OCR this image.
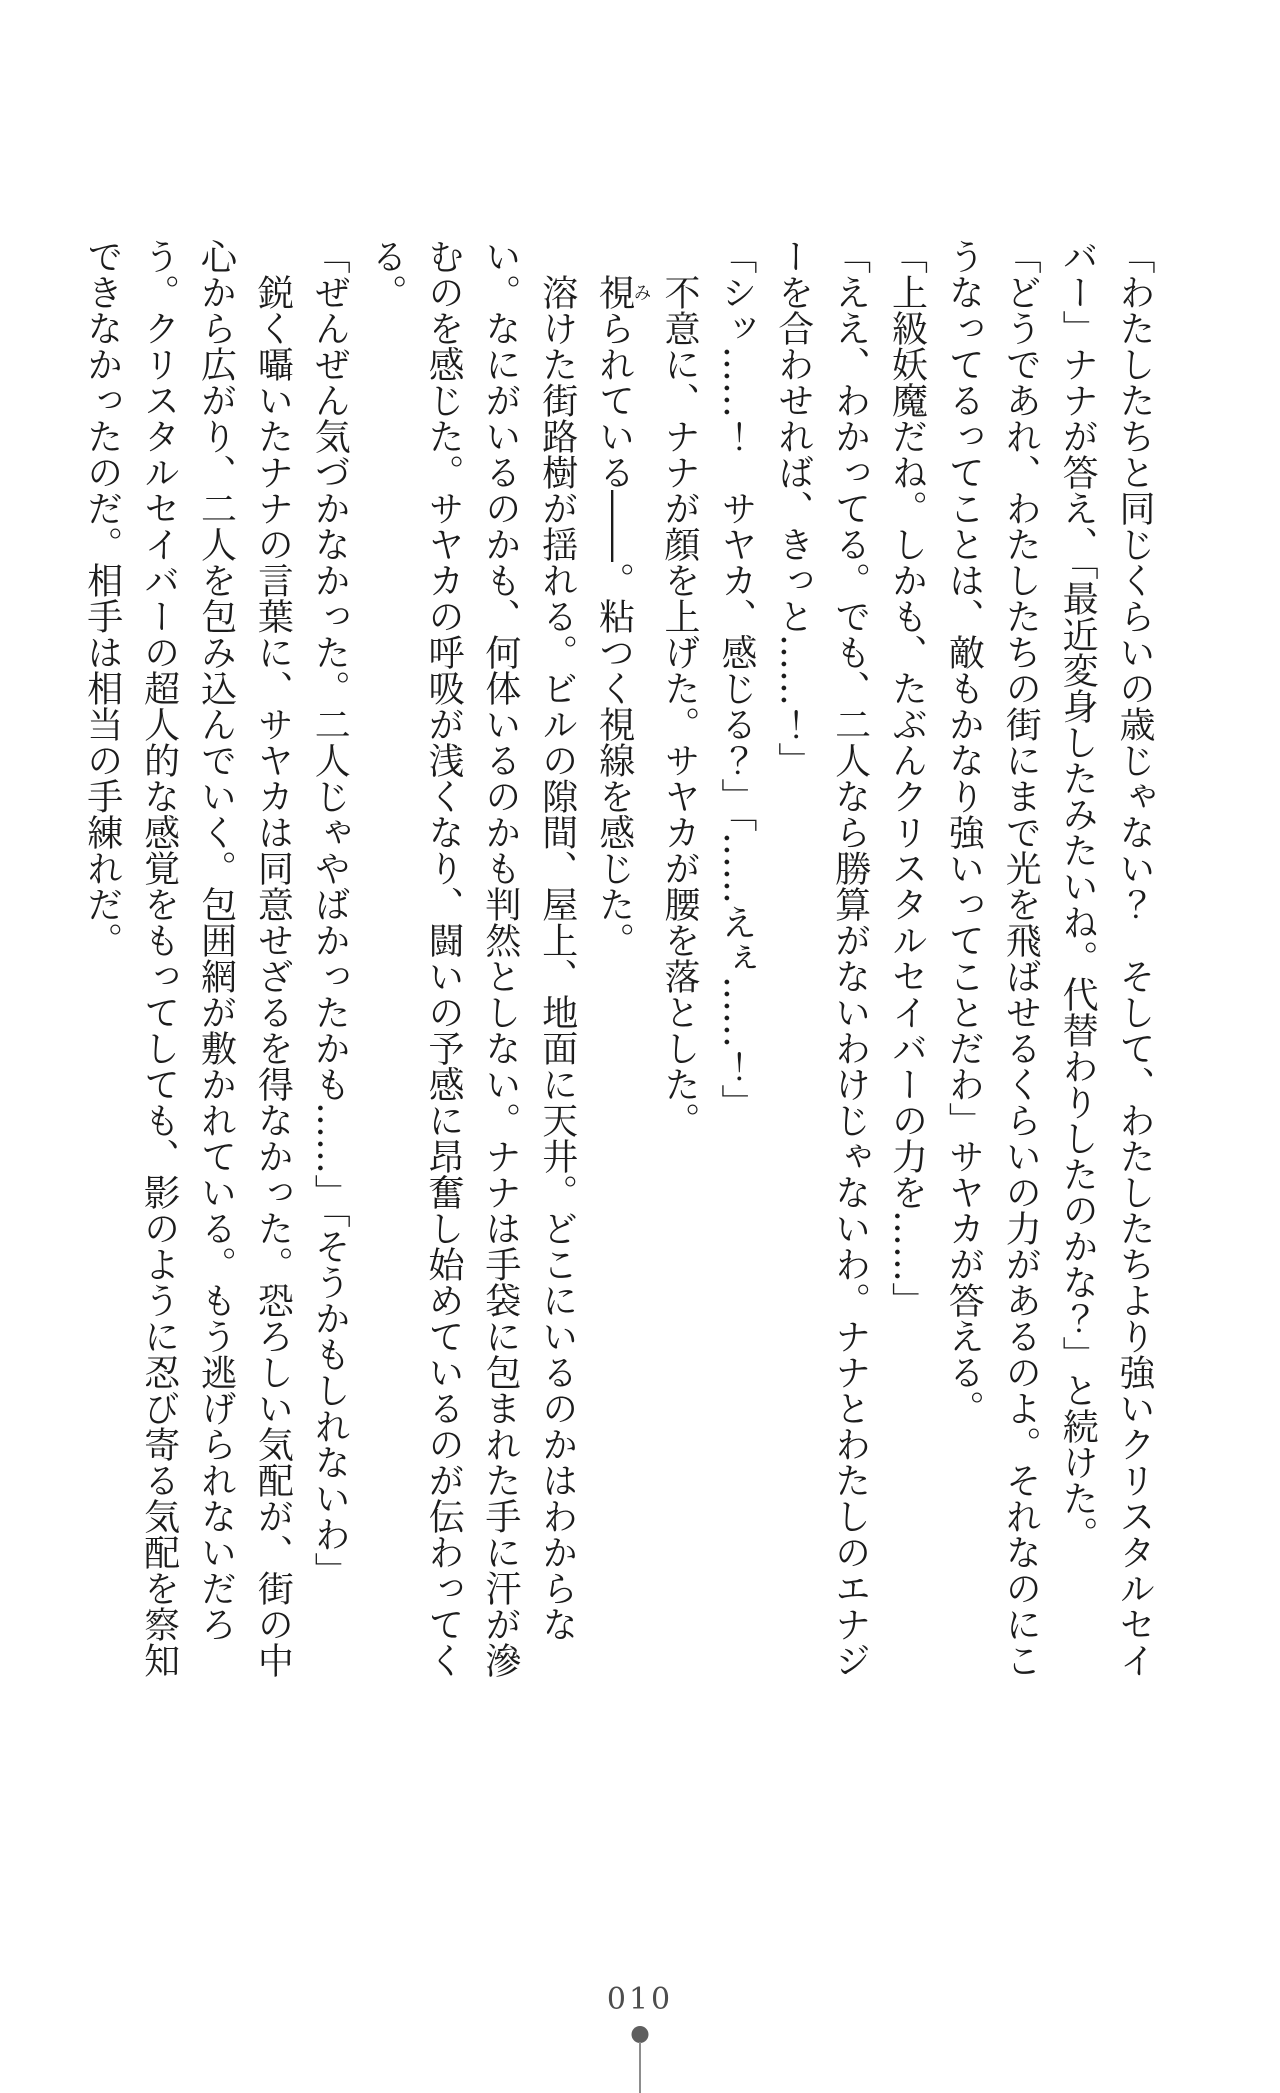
「わたしたちと同じくらいの歳じゃない？　そして、わたしたちより強いクリスタルセイバー」ナナが答え、「最近変身したみたいね。代替わりしたのかな？」と続けた。

「どうであれ、わたしたちの街にまで光を飛ばせるくらいの力があるのよ。それなのにこうなってるってことは、敵もかなり強いってことだわ」サヤカが答える。

「上級妖魔だね。しかも、たぶんクリスタルセイバーの力を……」

「ええ、わかってる。でも、二人なら勝算がないわけじゃないわ。ナナとわたしのエナジーを合わせれば、きっと……！」

「シッ……！　サヤカ、感じる？」「……えぇ……！」

不意に、ナナが顔を上げた。サヤカが腰を落とした。

視みられている――。粘つく視線を感じた。

溶けた街路樹が揺れる。ビルの隙間、屋上、地面に天井。どこにいるのかはわからない。なにがいるのかも、何体いるのかも判然としない。ナナは手袋に包まれた手に汗が滲むのを感じた。サヤカの呼吸が浅くなり、闘いの予感に昂奮し始めているのが伝わってくる。

「ぜんぜん気づかなかった。二人じゃやばかったかも……」「そうかもしれないわ」

鋭く囁いたナナの言葉に、サヤカは同意せざるを得なかった。恐ろしい気配が、街の中心から広がり、二人を包み込んでいく。包囲網が敷かれている。もう逃げられないだろう。クリスタルセイバーの超人的な感覚をもってしても、影のように忍び寄る気配を察知できなかったのだ。相手は相当の手練れだ。

010
